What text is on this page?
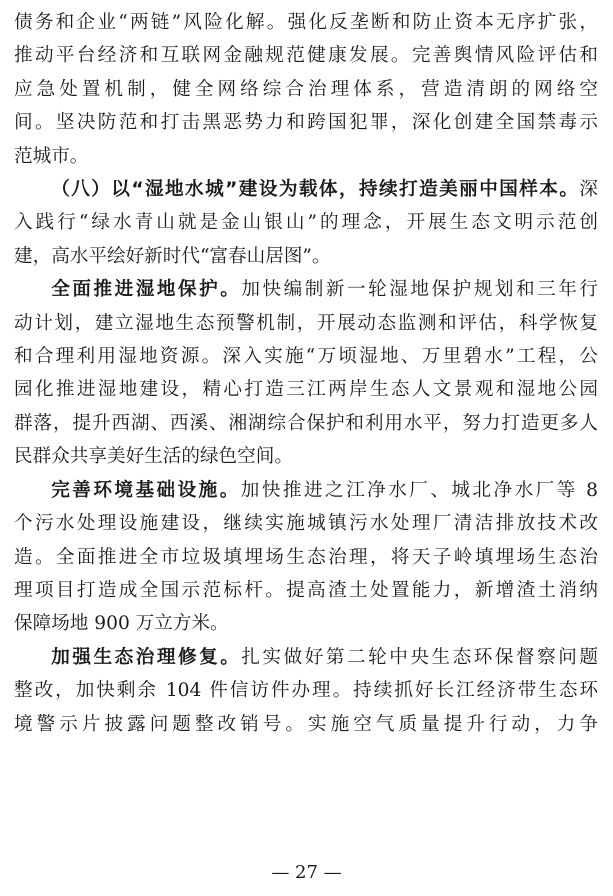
债务和企业“两链”风险化解。强化反垄断和防止资本无序扩张，

推动平台经济和互联网金融规范健康发展。完善舆情风险评估和

应急处置机制，健全网络综合治理体系，营造清朗的网络空

间。坚决防范和打击黑恶势力和跨国犯罪，深化创建全国禁毒示

范城市。

（八）以“湿地水城”建设为载体，持续打造美丽中国样本。深

入践行“绿水青山就是金山银山”的理念，开展生态文明示范创

建，高水平绘好新时代“富春山居图”。

全面推进湿地保护。加快编制新一轮湿地保护规划和三年行

动计划，建立湿地生态预警机制，开展动态监测和评估，科学恢复

和合理利用湿地资源。深入实施“万顷湿地、万里碧水”工程，公

园化推进湿地建设，精心打造三江两岸生态人文景观和湿地公园

群落，提升西湖、西溪、湘湖综合保护和利用水平，努力打造更多人

民群众共享美好生活的绿色空间。

完善环境基础设施。加快推进之江净水厂、城北净水厂等 8

个污水处理设施建设，继续实施城镇污水处理厂清洁排放技术改

造。全面推进全市垃圾填埋场生态治理，将天子岭填埋场生态治

理项目打造成全国示范标杆。提高渣土处置能力，新增渣土消纳

保障场地 900 万立方米。

加强生态治理修复。扎实做好第二轮中央生态环保督察问题

整改，加快剩余 104 件信访件办理。持续抓好长江经济带生态环

境警示片披露问题整改销号。实施空气质量提升行动，力争

— 27 —
